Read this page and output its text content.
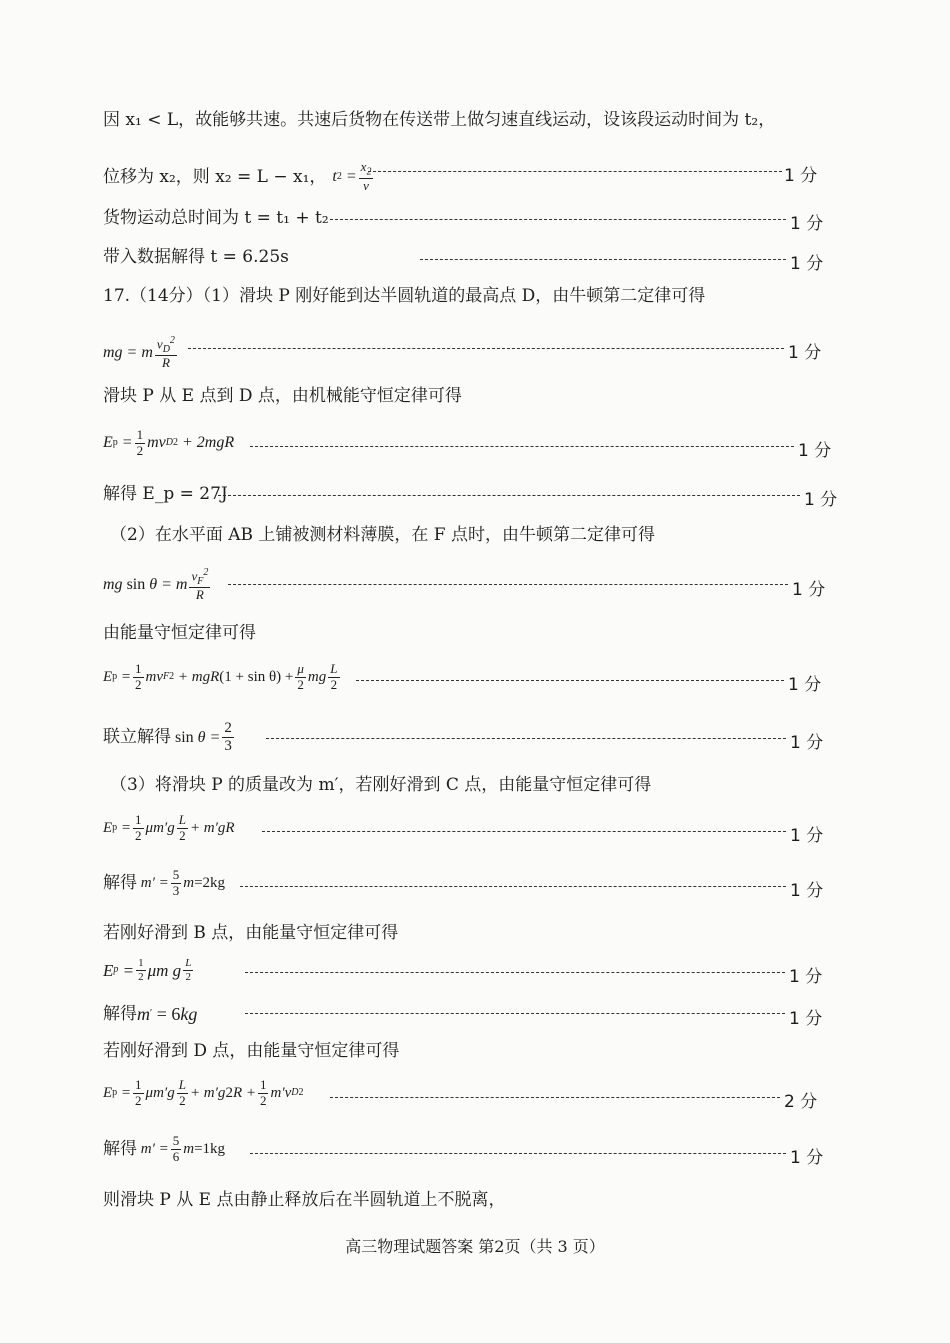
因 x₁ < L，故能够共速。共速后货物在传送带上做匀速直线运动，设该段运动时间为 t₂，
位移为 x₂，则 x₂ = L − x₁， t $2 = \frac{x_2}{v}$	1 分
货物运动总时间为 t = t₁ + t₂	1 分
带入数据解得 t = 6.25s	1 分
17.（14分）（1）滑块 P 刚好能到达半圆轨道的最高点 D，由牛顿第二定律可得
mg = m $\frac{v_D^2}{R}$	1 分
滑块 P 从 E 点到 D 点，由机械能守恒定律可得
E $p = \frac{1}{2}$ mv D 2 + 2mgR	1 分
解得 E_p = 27J	1 分
（2）在水平面 AB 上铺被测材料薄膜，在 F 点时，由牛顿第二定律可得
mg sin θ = m $\frac{v_F^2}{R}$	1 分
由能量守恒定律可得
E $p = \frac{1}{2}$ mv F 2 + mgR $(1 + \sin \theta) + \frac{\mu}{2}$ mg $\frac{L}{2}$	1 分
联立解得 $\sin \theta = \frac{2}{3}$	1 分
（3）将滑块 P 的质量改为 m′，若刚好滑到 C 点，由能量守恒定律可得
E $p = \frac{1}{2} \mu m'g \frac{L}{2} + m'gR$	1 分
解得 $m' = \frac{5}{3}$ m =2kg	1 分
若刚好滑到 B 点，由能量守恒定律可得
E $p = \frac{1}{2}$ μm g $\frac{L}{2}$	1 分
解得 m ′
= 6 kg	1 分
若刚好滑到 D 点，由能量守恒定律可得
E $p = \frac{1}{2} \mu m'g \frac{L}{2} + m'g$ 2 $R + \frac{1}{2} m'v$ D 2	2 分
解得 $m' = \frac{5}{6}$ m =1kg	1 分
则滑块 P 从 E 点由静止释放后在半圆轨道上不脱离，
高三物理试题答案 第2页（共 3 页）
